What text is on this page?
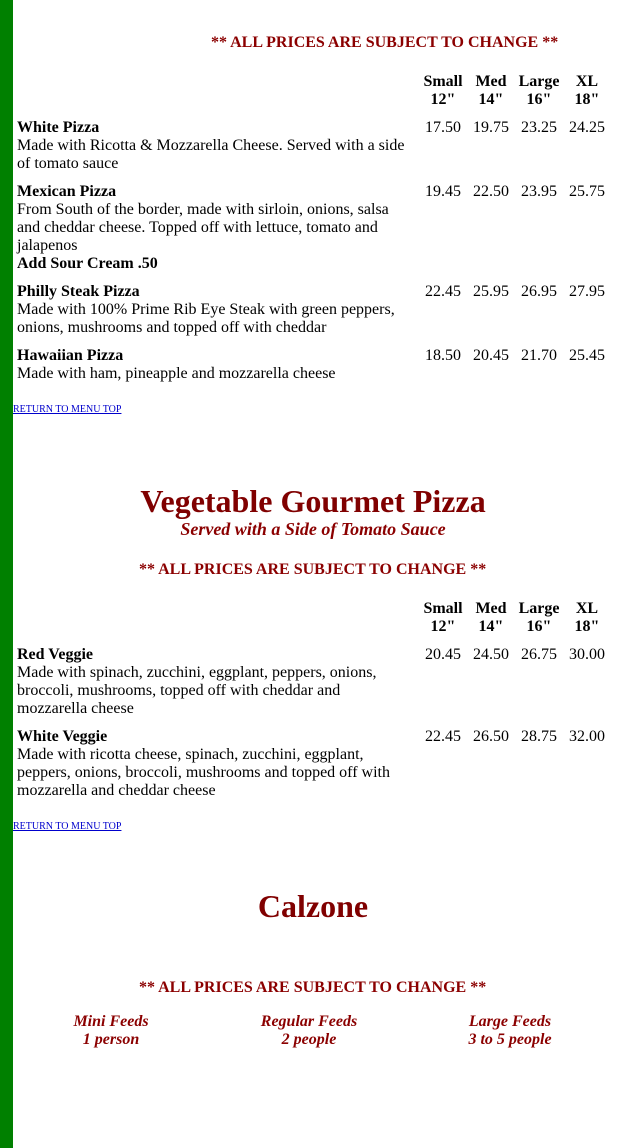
** ALL PRICES ARE SUBJECT TO CHANGE **
Small
12"
Med
14"
Large
16"
XL
18"
White Pizza
Made with Ricotta & Mozzarella Cheese. Served with a side of tomato sauce
17.50 19.75 23.25 24.25
Mexican Pizza
From South of the border, made with sirloin, onions, salsa and cheddar cheese. Topped off with lettuce, tomato and jalapenos
Add Sour Cream .50
19.45 22.50 23.95 25.75
Philly Steak Pizza
Made with 100% Prime Rib Eye Steak with green peppers, onions, mushrooms and topped off with cheddar
22.45 25.95 26.95 27.95
Hawaiian Pizza
Made with ham, pineapple and mozzarella cheese
18.50 20.45 21.70 25.45
RETURN TO MENU TOP
Vegetable Gourmet Pizza
Served with a Side of Tomato Sauce
** ALL PRICES ARE SUBJECT TO CHANGE **
Small
12"
Med
14"
Large
16"
XL
18"
Red Veggie
Made with spinach, zucchini, eggplant, peppers, onions, broccoli, mushrooms, topped off with cheddar and mozzarella cheese
20.45 24.50 26.75 30.00
White Veggie
Made with ricotta cheese, spinach, zucchini, eggplant, peppers, onions, broccoli, mushrooms and topped off with mozzarella and cheddar cheese
22.45 26.50 28.75 32.00
RETURN TO MENU TOP
Calzone
** ALL PRICES ARE SUBJECT TO CHANGE **
Mini Feeds
1 person
Regular Feeds
2 people
Large Feeds
3 to 5 people
